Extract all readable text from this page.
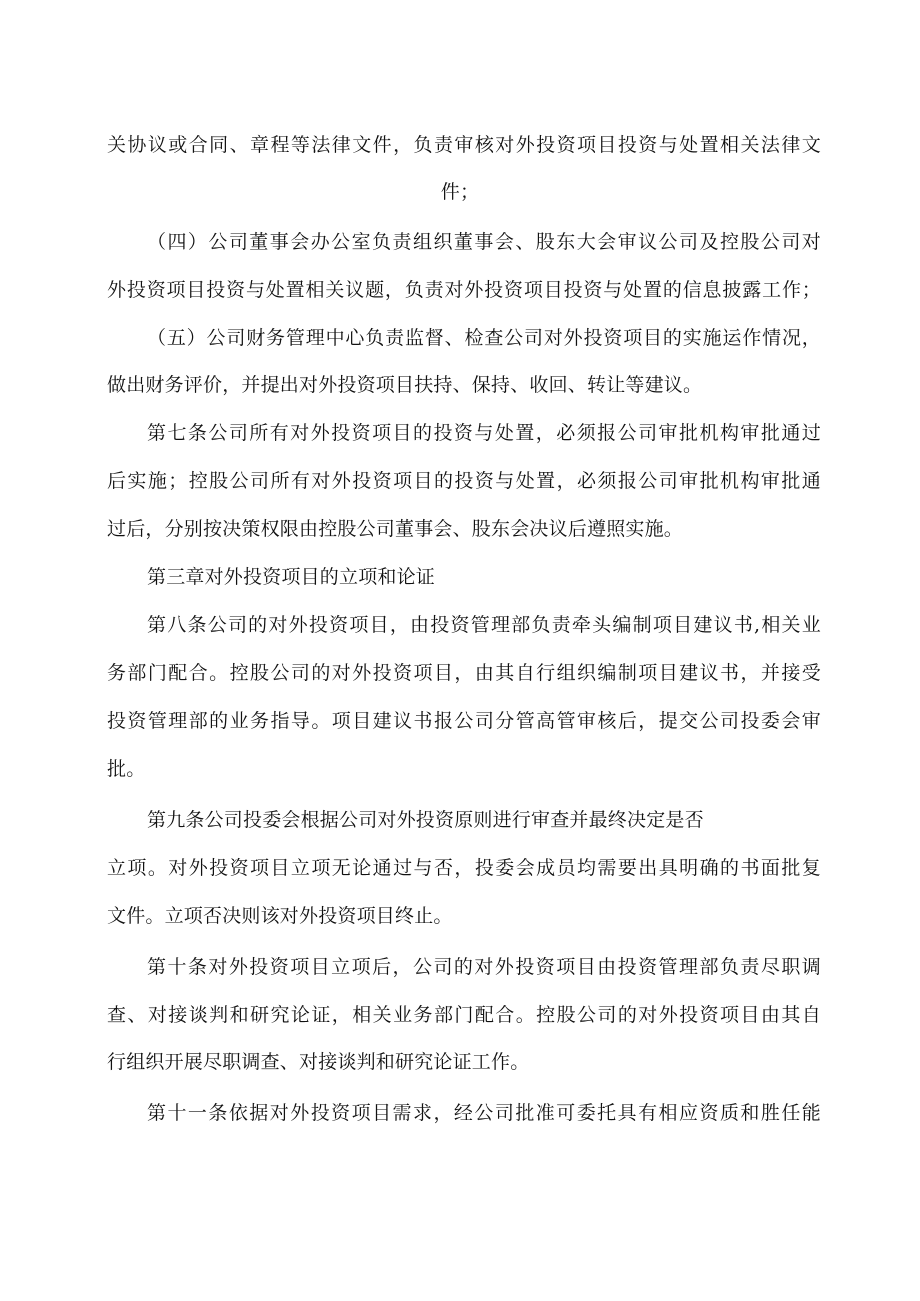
关协议或合同、章程等法律文件，负责审核对外投资项目投资与处置相关法律文
件；
（四）公司董事会办公室负责组织董事会、股东大会审议公司及控股公司对
外投资项目投资与处置相关议题，负责对外投资项目投资与处置的信息披露工作；
（五）公司财务管理中心负责监督、检查公司对外投资项目的实施运作情况，
做出财务评价，并提出对外投资项目扶持、保持、收回、转让等建议。
第七条公司所有对外投资项目的投资与处置，必须报公司审批机构审批通过
后实施；控股公司所有对外投资项目的投资与处置，必须报公司审批机构审批通
过后，分别按决策权限由控股公司董事会、股东会决议后遵照实施。
第三章对外投资项目的立项和论证
第八条公司的对外投资项目，由投资管理部负责牵头编制项目建议书,相关业
务部门配合。控股公司的对外投资项目，由其自行组织编制项目建议书，并接受
投资管理部的业务指导。项目建议书报公司分管高管审核后，提交公司投委会审
批。
第九条公司投委会根据公司对外投资原则进行审查并最终决定是否
立项。对外投资项目立项无论通过与否，投委会成员均需要出具明确的书面批复
文件。立项否决则该对外投资项目终止。
第十条对外投资项目立项后，公司的对外投资项目由投资管理部负责尽职调
查、对接谈判和研究论证，相关业务部门配合。控股公司的对外投资项目由其自
行组织开展尽职调查、对接谈判和研究论证工作。
第十一条依据对外投资项目需求，经公司批准可委托具有相应资质和胜任能
